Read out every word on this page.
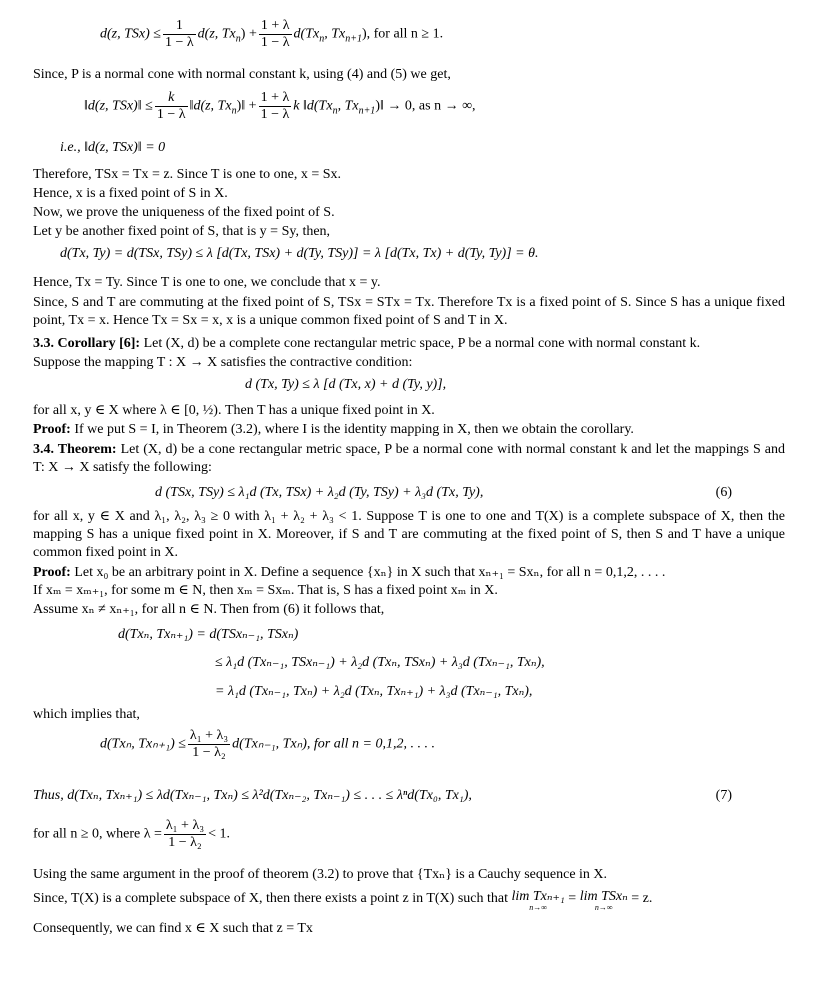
d(z, $TSx) \le \frac{1}{1 - \lambda} d(z$, $Tx_n) + \frac{1 + \lambda}{1 - \lambda} d(Tx_n$, $Tx_{n+1}$), for all n ≥ 1.
Since, P is a normal cone with normal constant k, using (4) and (5) we get,
‖d(z, TSx)‖ ≤ $\frac{k}{1 - \lambda}$ ‖d(z, $Tx_n)‖ + \frac{1 + \lambda}{1 - \lambda}$ k $‖d(Tx_n$, $Tx_{n+1})‖ \to 0$, as n → ∞,
i.e., ‖d(z, TSx)‖ = 0
Therefore, TSx = Tx = z. Since T is one to one, x = Sx.
Hence, x is a fixed point of S in X.
Now, we prove the uniqueness of the fixed point of S.
Let y be another fixed point of S, that is y = Sy, then,
d(Tx, Ty) = d(TSx, TSy) ≤ λ [d(Tx, TSx) + d(Ty, TSy)] = λ [d(Tx, Tx) + d(Ty, Ty)] = θ.
Hence, Tx = Ty. Since T is one to one, we conclude that x = y.
Since, S and T are commuting at the fixed point of S, TSx = STx = Tx. Therefore Tx is a fixed point of S. Since S has a unique fixed point, Tx = x. Hence Tx = Sx = x, x is a unique common fixed point of S and T in X.
3.3. Corollary [6]: Let (X, d) be a complete cone rectangular metric space, P be a normal cone with normal constant k.
Suppose the mapping T : X → X satisfies the contractive condition:
d (Tx, Ty) ≤ λ [d (Tx, x) + d (Ty, y)],
for all x, y ∈ X where λ ∈ [0, ½). Then T has a unique fixed point in X.
Proof: If we put S = I, in Theorem (3.2), where I is the identity mapping in X, then we obtain the corollary.
3.4. Theorem: Let (X, d) be a cone rectangular metric space, P be a normal cone with normal constant k and let the mappings S and T: X → X satisfy the following:
d (TSx, TSy) ≤ λ₁d (Tx, TSx) + λ₂d (Ty, TSy) + λ₃d (Tx, Ty),	(6)
for all x, y ∈ X and λ₁, λ₂, λ₃ ≥ 0 with λ₁ + λ₂ + λ₃ < 1. Suppose T is one to one and T(X) is a complete subspace of X, then the mapping S has a unique fixed point in X. Moreover, if S and T are commuting at the fixed point of S, then S and T have a unique common fixed point in X.
Proof: Let x₀ be an arbitrary point in X. Define a sequence {xₙ} in X such that xₙ₊₁ = Sxₙ, for all n = 0,1,2, . . . .
If xₘ = xₘ₊₁, for some m ∈ N, then xₘ = Sxₘ. That is, S has a fixed point xₘ in X.
Assume xₙ ≠ xₙ₊₁, for all n ∈ N. Then from (6) it follows that,
d(Txₙ, Txₙ₊₁) = d(TSxₙ₋₁, TSxₙ)
≤ λ₁d (Txₙ₋₁, TSxₙ₋₁) + λ₂d (Txₙ, TSxₙ) + λ₃d (Txₙ₋₁, Txₙ),
= λ₁d (Txₙ₋₁, Txₙ) + λ₂d (Txₙ, Txₙ₊₁) + λ₃d (Txₙ₋₁, Txₙ),
which implies that,
d(Txₙ, $Tx_{n+1}) \le \frac{\text{λ₁ + λ₃}}{\text{1 − λ₂}} d(Tx_{n-1}$, Txₙ), for all n = 0,1,2, . . . .
Thus, d(Txₙ, Txₙ₊₁) ≤ λd(Txₙ₋₁, Txₙ) ≤ λ²d(Txₙ₋₂, Txₙ₋₁) ≤ . . . ≤ λⁿd(Tx₀, Tx₁),	(7)
for all n ≥ 0, where $\lambda = \frac{\text{λ₁ + λ₃}}{\text{1 − λ₂}} < 1$.
Using the same argument in the proof of theorem (3.2) to prove that {Txₙ} is a Cauchy sequence in X.
Since, T(X) is a complete subspace of X, then there exists a point z in T(X) such that lim Txₙ₊₁
n→∞
= lim TSxₙ
n→∞
= z.
Consequently, we can find x ∈ X such that z = Tx
